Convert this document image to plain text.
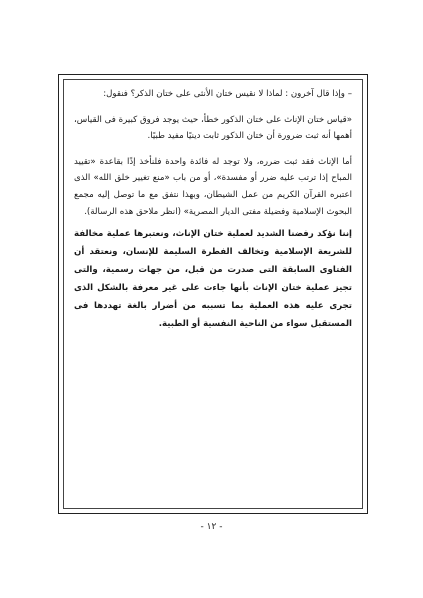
– وإذا قال آخرون : لماذا لا نقيس ختان الأنثى على ختان الذكر؟ فنقول:

«قياس ختان الإناث على ختان الذكور خطأ، حيث يوجد فروق كبيرة فى القياس، أهمها أنه ثبت ضرورة أن ختان الذكور ثابت دينيًا مفيد طبيًا.

أما الإناث فقد ثبت ضرره، ولا توجد له فائدة واحدة فلنأخذ إذًا بقاعدة «تقييد المباح إذا ترتب عليه ضرر أو مفسدة»، أو من باب «منع تغيير خلق الله» الذى اعتبره القرآن الكريم من عمل الشيطان، وبهذا نتفق مع ما توصل إليه مجمع البحوث الإسلامية وفضيلة مفتى الديار المصرية» (انظر ملاحق هذه الرسالة).

إننا نؤكد رفضنا الشديد لعملية ختان الإناث، ونعتبرها عملية مخالفة للشريعة الإسلامية وتخالف الفطرة السليمة للإنسان، ونعتقد أن الفتاوى السابقة التى صدرت من قبل، من جهات رسمية، والتى تجيز عملية ختان الإناث بأنها جاءت على غير معرفة بالشكل الذى تجرى عليه هذه العملية بما تسببه من أضرار بالغة تهددها فى المستقبل سواء من الناحية النفسية أو الطبية.

- ١٢ -
